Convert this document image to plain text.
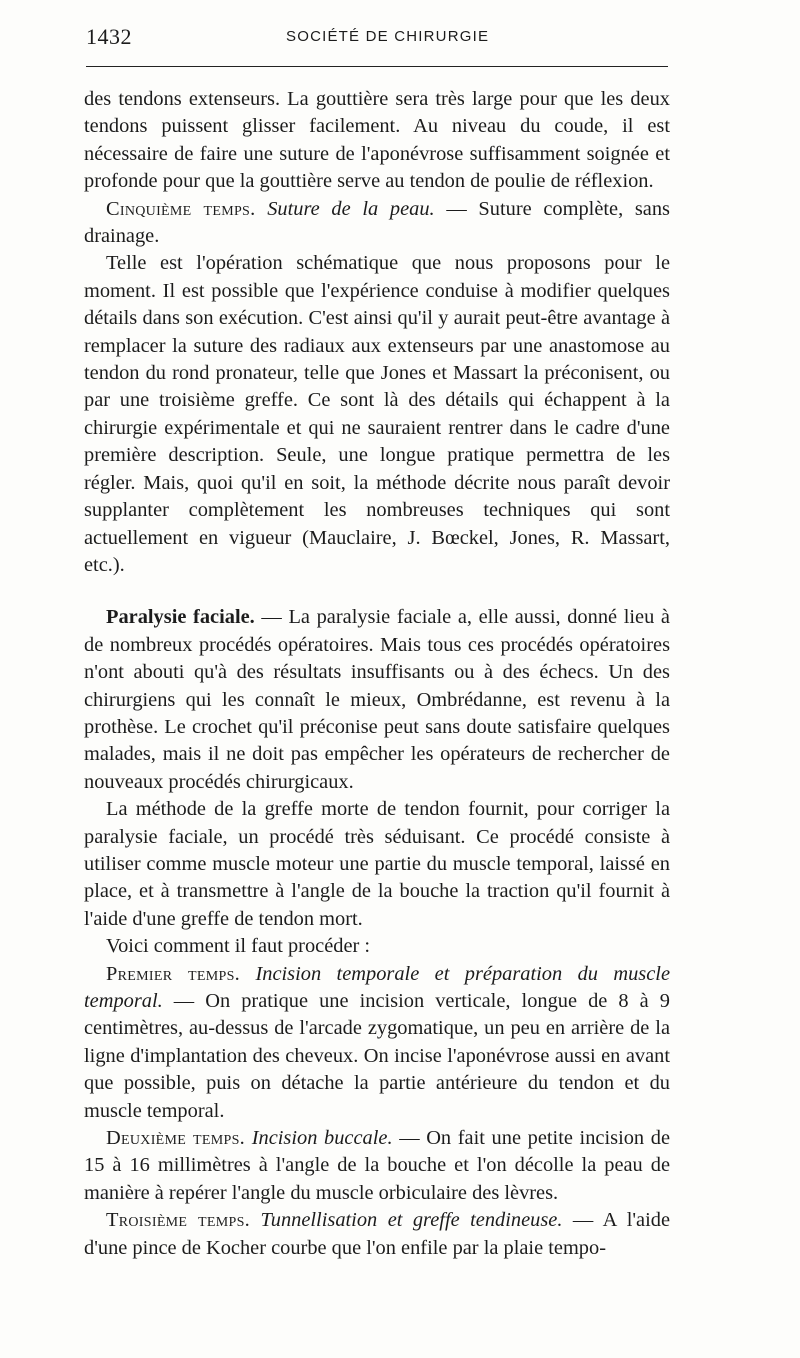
1432	SOCIÉTÉ DE CHIRURGIE

des tendons extenseurs. La gouttière sera très large pour que les deux tendons puissent glisser facilement. Au niveau du coude, il est nécessaire de faire une suture de l'aponévrose suffisamment soignée et profonde pour que la gouttière serve au tendon de poulie de réflexion.

Cinquième temps. Suture de la peau. — Suture complète, sans drainage.

Telle est l'opération schématique que nous proposons pour le moment. Il est possible que l'expérience conduise à modifier quelques détails dans son exécution. C'est ainsi qu'il y aurait peut-être avantage à remplacer la suture des radiaux aux extenseurs par une anastomose au tendon du rond pronateur, telle que Jones et Massart la préconisent, ou par une troisième greffe. Ce sont là des détails qui échappent à la chirurgie expérimentale et qui ne sauraient rentrer dans le cadre d'une première description. Seule, une longue pratique permettra de les régler. Mais, quoi qu'il en soit, la méthode décrite nous paraît devoir supplanter complètement les nombreuses techniques qui sont actuellement en vigueur (Mauclaire, J. Bœckel, Jones, R. Massart, etc.).

Paralysie faciale. — La paralysie faciale a, elle aussi, donné lieu à de nombreux procédés opératoires. Mais tous ces procédés opératoires n'ont abouti qu'à des résultats insuffisants ou à des échecs. Un des chirurgiens qui les connaît le mieux, Ombrédanne, est revenu à la prothèse. Le crochet qu'il préconise peut sans doute satisfaire quelques malades, mais il ne doit pas empêcher les opérateurs de rechercher de nouveaux procédés chirurgicaux.

La méthode de la greffe morte de tendon fournit, pour corriger la paralysie faciale, un procédé très séduisant. Ce procédé consiste à utiliser comme muscle moteur une partie du muscle temporal, laissé en place, et à transmettre à l'angle de la bouche la traction qu'il fournit à l'aide d'une greffe de tendon mort.

Voici comment il faut procéder :

Premier temps. Incision temporale et préparation du muscle temporal. — On pratique une incision verticale, longue de 8 à 9 centimètres, au-dessus de l'arcade zygomatique, un peu en arrière de la ligne d'implantation des cheveux. On incise l'aponévrose aussi en avant que possible, puis on détache la partie antérieure du tendon et du muscle temporal.

Deuxième temps. Incision buccale. — On fait une petite incision de 15 à 16 millimètres à l'angle de la bouche et l'on décolle la peau de manière à repérer l'angle du muscle orbiculaire des lèvres.

Troisième temps. Tunnellisation et greffe tendineuse. — A l'aide d'une pince de Kocher courbe que l'on enfile par la plaie tempo-
